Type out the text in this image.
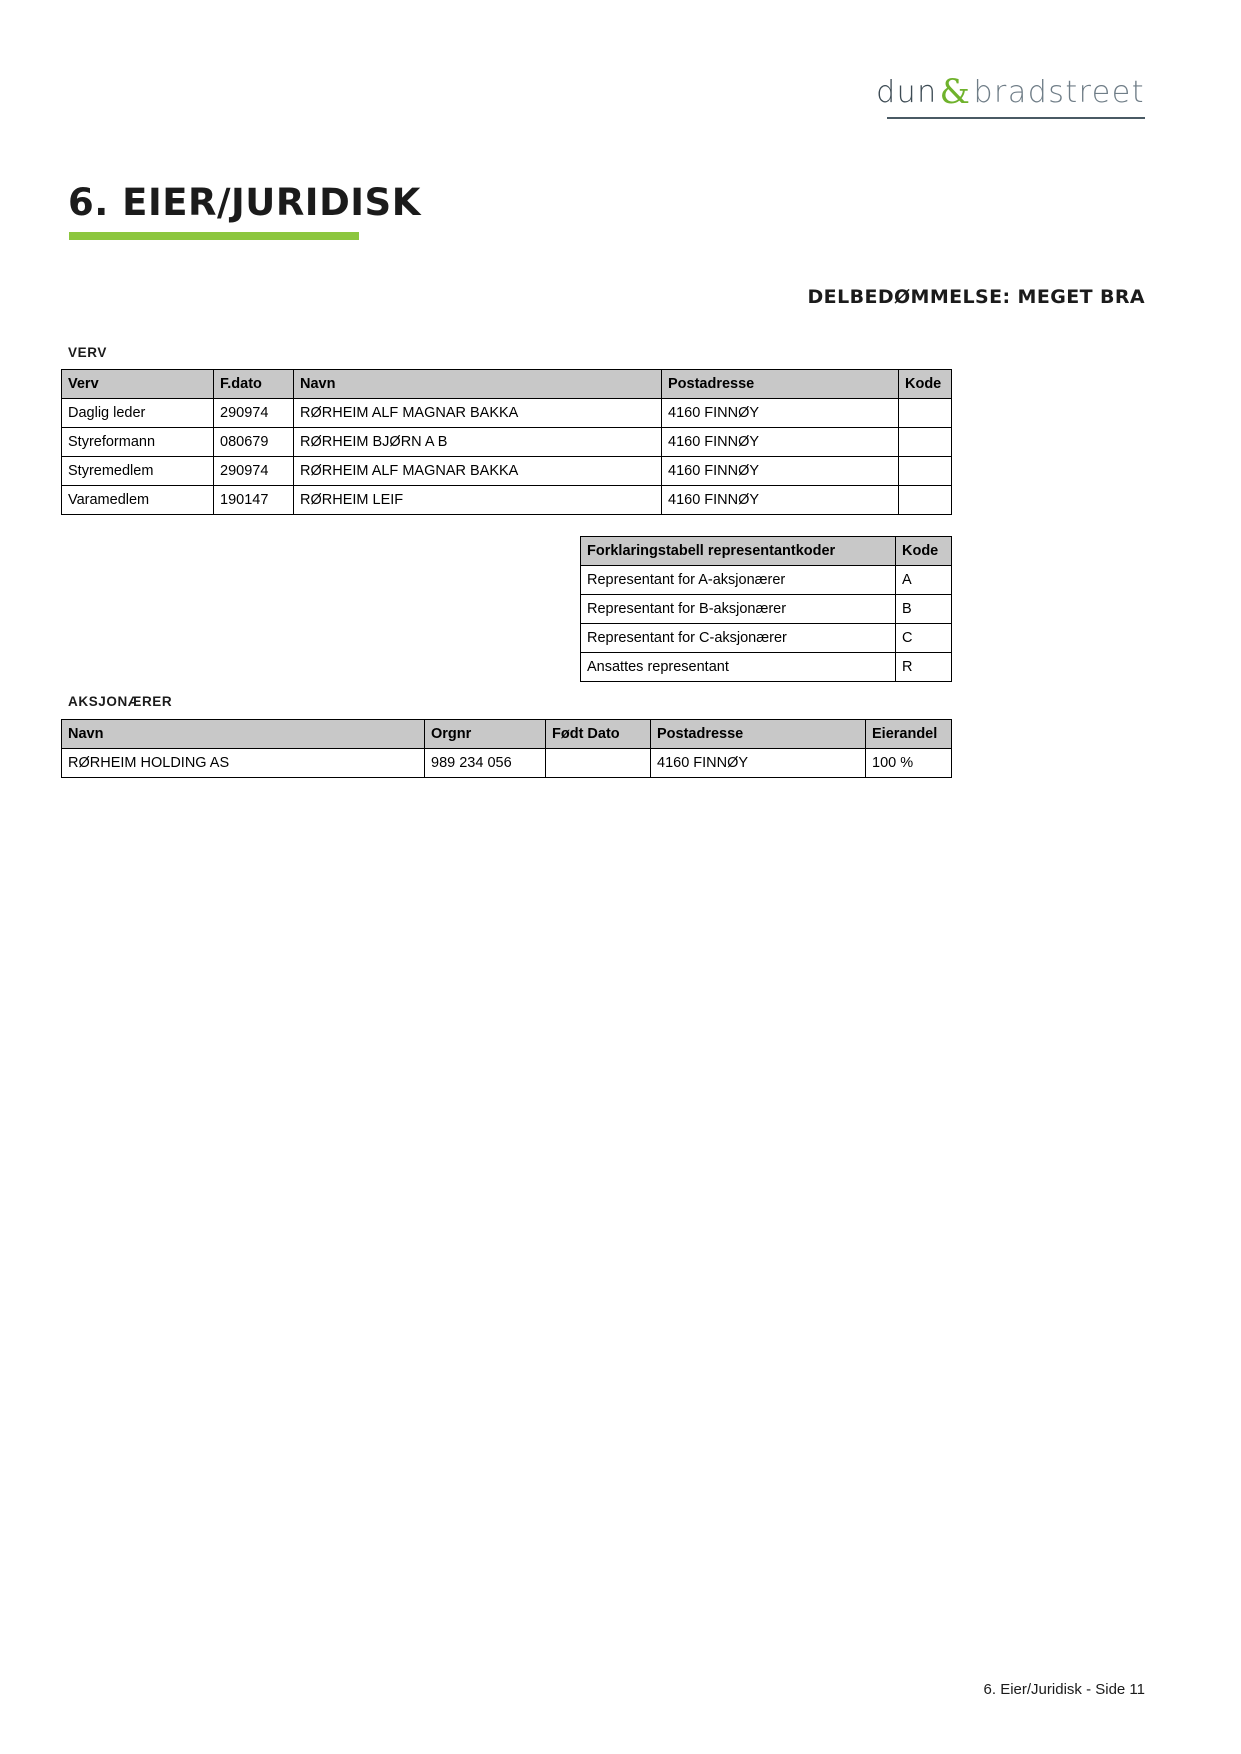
dun & bradstreet
6. EIER/JURIDISK
DELBEDØMMELSE: MEGET BRA
VERV
Verv	F.dato	Navn	Postadresse	Kode
Daglig leder	290974	RØRHEIM ALF MAGNAR BAKKA	4160 FINNØY	
Styreformann	080679	RØRHEIM BJØRN A B	4160 FINNØY	
Styremedlem	290974	RØRHEIM ALF MAGNAR BAKKA	4160 FINNØY	
Varamedlem	190147	RØRHEIM LEIF	4160 FINNØY	
Forklaringstabell representantkoder	Kode
Representant for A-aksjonærer	A
Representant for B-aksjonærer	B
Representant for C-aksjonærer	C
Ansattes representant	R
AKSJONÆRER
Navn	Orgnr	Født Dato	Postadresse	Eierandel
RØRHEIM HOLDING AS	989 234 056		4160 FINNØY	100 %
6. Eier/Juridisk - Side 11
